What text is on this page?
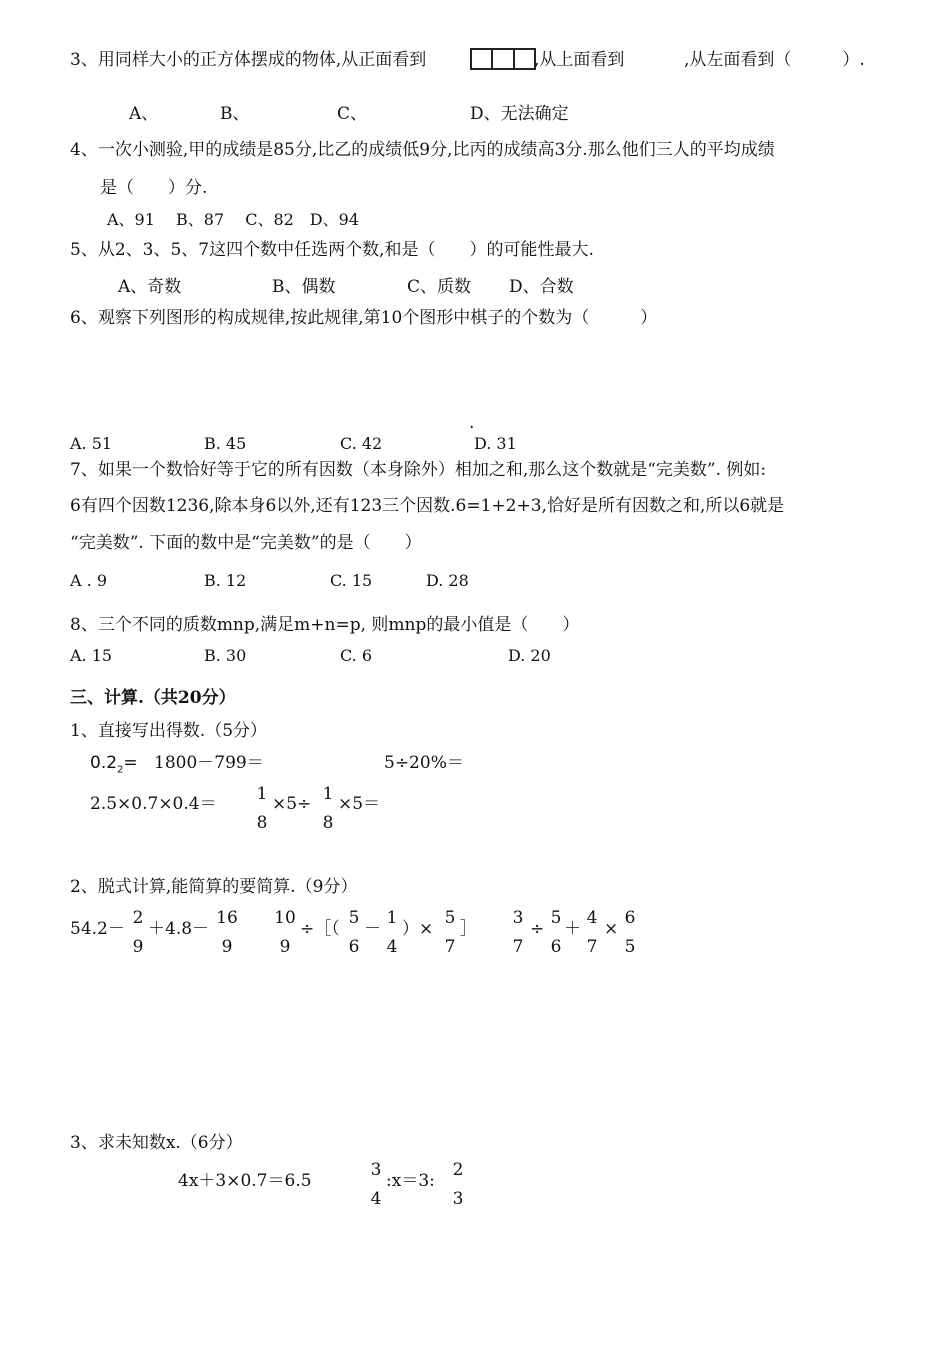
3、用同样大小的正方体摆成的物体,从正面看到	,从上面看到	,从左面看到（　　　）.
A、	B、	C、	D、无法确定
4、一次小测验,甲的成绩是85分,比乙的成绩低9分,比丙的成绩高3分.那么他们三人的平均成绩
是（　　）分.
A、91　 B、87　 C、82　D、94
5、从2、3、5、7这四个数中任选两个数,和是（　　）的可能性最大.
A、奇数	B、偶数	C、质数 D、合数
6、观察下列图形的构成规律,按此规律,第10个图形中棋子的个数为（　　　）
.
A. 51	B. 45	C. 42	D. 31
7、如果一个数恰好等于它的所有因数（本身除外）相加之和,那么这个数就是“完美数”. 例如:
6有四个因数1236,除本身6以外,还有123三个因数.6=1+2+3,恰好是所有因数之和,所以6就是
“完美数”. 下面的数中是“完美数”的是（　　）
A . 9	B. 12	C. 15	D. 28
8、三个不同的质数mnp,满足m+n=p, 则mnp的最小值是（　　）
A. 15	B. 30	C. 6	D. 20
三、计算.（共20分）
1、直接写出得数.（5分）
$0.2_2= 1800-799=$	5÷20%＝
2.5×0.7×0.4＝ 1
8
×5÷ 1
8
×5＝
2、脱式计算,能简算的要简算.（9分）
54.2－
2
9
＋4.8－
16
9
10
9
÷［（
5
6
－
1
4
）×
5
7
］
3
7
÷
5
6
＋
4
7
×
6
5
3、求未知数x.（6分）
4x＋3×0.7＝6.5
3
4
:x＝3:
2
3
